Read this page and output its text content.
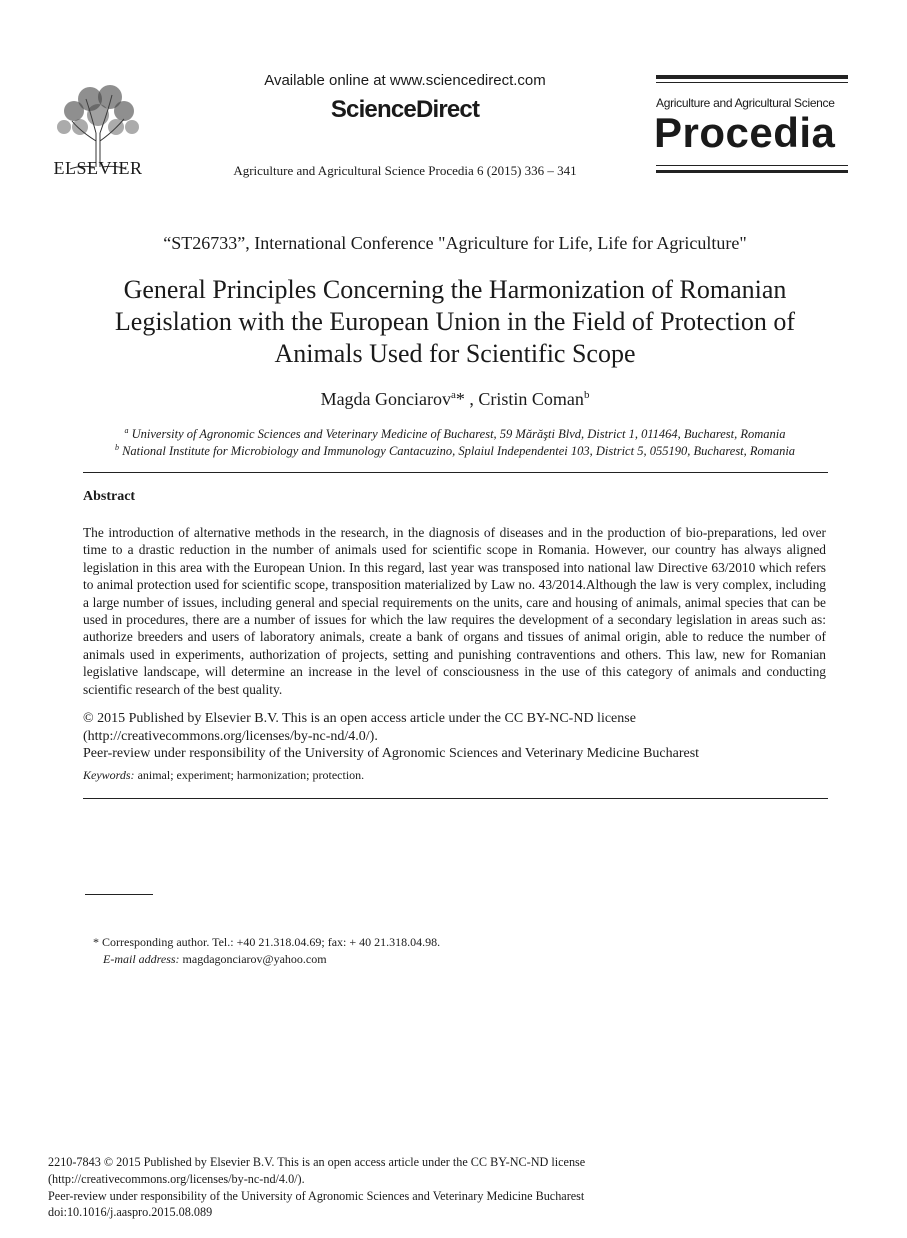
ELSEVIER
Available online at www.sciencedirect.com
ScienceDirect
Agriculture and Agricultural Science Procedia 6 (2015) 336 – 341
Agriculture and Agricultural Science
Procedia
“ST26733”, International Conference "Agriculture for Life, Life for Agriculture"
General Principles Concerning the Harmonization of Romanian
Legislation with the European Union in the Field of Protection of
Animals Used for Scientific Scope
Magda Gonciarov$^a$* , Cristin Coman$^b$
$^a$ University of Agronomic Sciences and Veterinary Medicine of Bucharest, 59 Mărăşti Blvd, District 1, 011464, Bucharest, Romania
$^b$ National Institute for Microbiology and Immunology Cantacuzino, Splaiul Independentei 103, District 5, 055190, Bucharest, Romania
Abstract
The introduction of alternative methods in the research, in the diagnosis of diseases and in the production of bio-preparations, led over time to a drastic reduction in the number of animals used for scientific scope in Romania. However, our country has always aligned legislation in this area with the European Union. In this regard, last year was transposed into national law Directive 63/2010 which refers to animal protection used for scientific scope, transposition materialized by Law no. 43/2014.Although the law is very complex, including a large number of issues, including general and special requirements on the units, care and housing of animals, animal species that can be used in procedures, there are a number of issues for which the law requires the development of a secondary legislation in areas such as: authorize breeders and users of laboratory animals, create a bank of organs and tissues of animal origin, able to reduce the number of animals used in experiments, authorization of projects, setting and punishing contraventions and others. This law, new for Romanian legislative landscape, will determine an increase in the level of consciousness in the use of this category of animals and conducting scientific research of the best quality.
© 2015 Published by Elsevier B.V. This is an open access article under the CC BY-NC-ND license
(http://creativecommons.org/licenses/by-nc-nd/4.0/).
Peer-review under responsibility of the University of Agronomic Sciences and Veterinary Medicine Bucharest
Keywords: animal; experiment; harmonization; protection.
* Corresponding author. Tel.: +40 21.318.04.69; fax: + 40 21.318.04.98.
E-mail address: magdagonciarov@yahoo.com
2210-7843 © 2015 Published by Elsevier B.V. This is an open access article under the CC BY-NC-ND license
(http://creativecommons.org/licenses/by-nc-nd/4.0/).
Peer-review under responsibility of the University of Agronomic Sciences and Veterinary Medicine Bucharest
doi:10.1016/j.aaspro.2015.08.089
